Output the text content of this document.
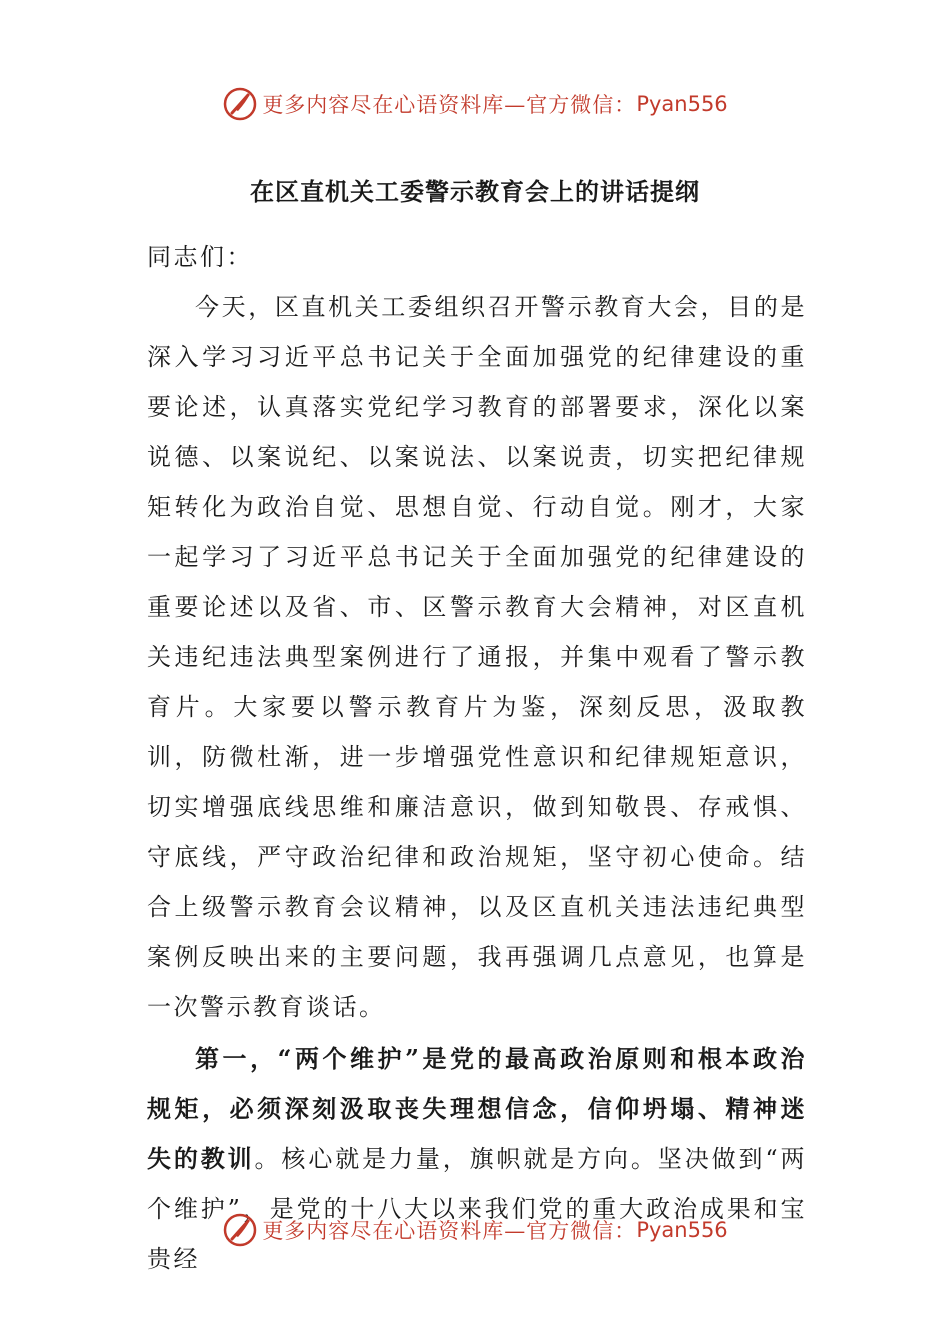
更多内容尽在心语资料库—官方微信： Pyan556
在区直机关工委警示教育会上的讲话提纲

同志们：

今天，区直机关工委组织召开警示教育大会，目的是深入学习习近平总书记关于全面加强党的纪律建设的重要论述，认真落实党纪学习教育的部署要求，深化以案说德、以案说纪、以案说法、以案说责，切实把纪律规矩转化为政治自觉、思想自觉、行动自觉。刚才，大家一起学习了习近平总书记关于全面加强党的纪律建设的重要论述以及省、市、区警示教育大会精神，对区直机关违纪违法典型案例进行了通报，并集中观看了警示教育片。大家要以警示教育片为鉴，深刻反思，汲取教训，防微杜渐，进一步增强党性意识和纪律规矩意识，切实增强底线思维和廉洁意识，做到知敬畏、存戒惧、守底线，严守政治纪律和政治规矩，坚守初心使命。结合上级警示教育会议精神，以及区直机关违法违纪典型案例反映出来的主要问题，我再强调几点意见，也算是一次警示教育谈话。

第一，“两个维护”是党的最高政治原则和根本政治规矩，必须深刻汲取丧失理想信念，信仰坍塌、精神迷失的教训。核心就是力量，旗帜就是方向。坚决做到“两个维护”，是党的十八大以来我们党的重大政治成果和宝贵经

更多内容尽在心语资料库—官方微信： Pyan556
